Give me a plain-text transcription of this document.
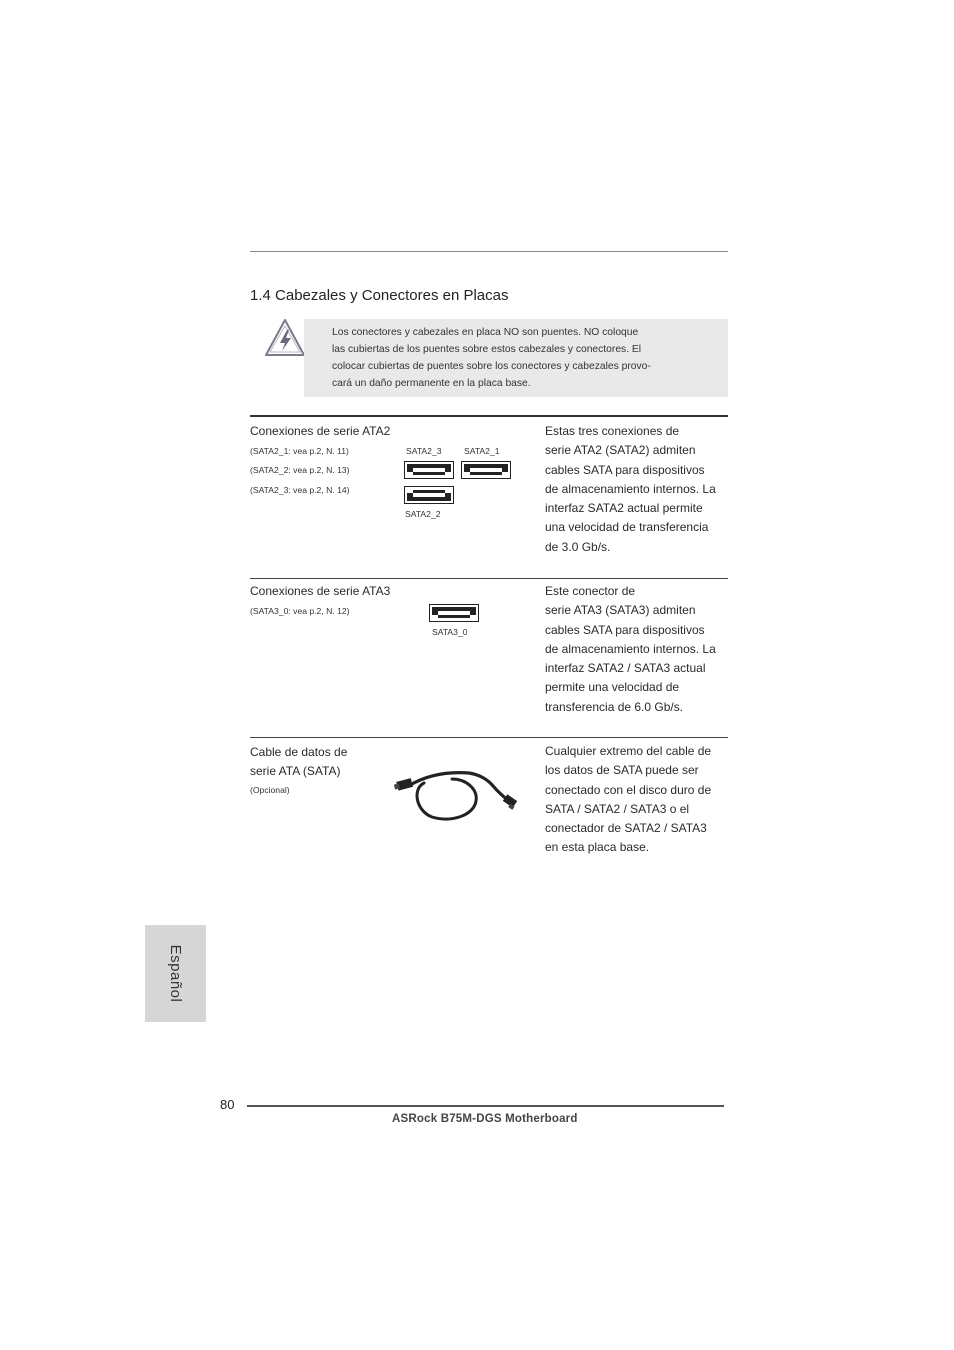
1.4 Cabezales y Conectores en Placas
Los conectores y cabezales en placa NO son puentes. NO coloque
las cubiertas de los puentes sobre estos cabezales y conectores. El
colocar cubiertas de puentes sobre los conectores y cabezales provo-
cará un daño permanente en la placa base.
Conexiones de serie ATA2
(SATA2_1: vea p.2, N. 11)
(SATA2_2: vea p.2, N. 13)
(SATA2_3: vea p.2, N. 14)
SATA2_3	SATA2_1
SATA2_2
Estas tres conexiones de
serie ATA2 (SATA2) admiten
cables SATA para dispositivos
de almacenamiento internos. La
interfaz SATA2 actual permite
una velocidad de transferencia
de 3.0 Gb/s.
Conexiones de serie ATA3
(SATA3_0: vea p.2, N. 12)
SATA3_0
Este conector de
serie ATA3 (SATA3) admiten
cables SATA para dispositivos
de almacenamiento internos. La
interfaz SATA2 / SATA3 actual
permite una velocidad de
transferencia de 6.0 Gb/s.
Cable de datos de
serie ATA (SATA)
(Opcional)
Cualquier extremo del cable de
los datos de SATA puede ser
conectado con el disco duro de
SATA / SATA2 / SATA3 o el
conectador de SATA2 / SATA3
en esta placa base.
Español
80
ASRock B75M-DGS Motherboard
